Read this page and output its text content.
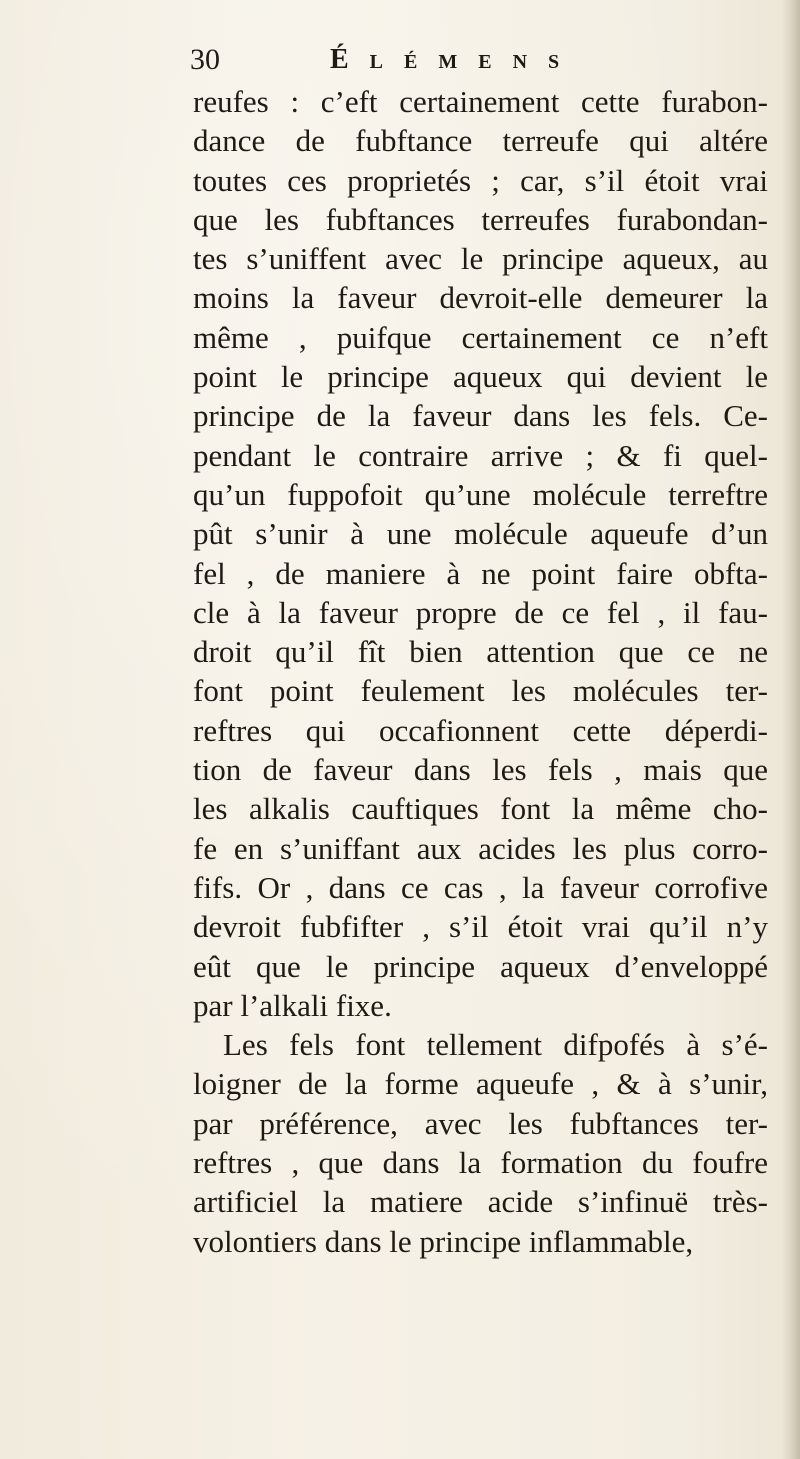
30	Élémens
reufes : c’eft certainement cette furabon-
dance de fubftance terreufe qui altére
toutes ces proprietés ; car, s’il étoit vrai
que les fubftances terreufes furabondan-
tes s’uniffent avec le principe aqueux, au
moins la faveur devroit-elle demeurer la
même , puifque certainement ce n’eft
point le principe aqueux qui devient le
principe de la faveur dans les fels. Ce-
pendant le contraire arrive ; & fi quel-
qu’un fuppofoit qu’une molécule terreftre
pût s’unir à une molécule aqueufe d’un
fel , de maniere à ne point faire obfta-
cle à la faveur propre de ce fel , il fau-
droit qu’il fît bien attention que ce ne
font point feulement les molécules ter-
reftres qui occafionnent cette déperdi-
tion de faveur dans les fels , mais que
les alkalis cauftiques font la même cho-
fe en s’uniffant aux acides les plus corro-
fifs. Or , dans ce cas , la faveur corrofive
devroit fubfifter , s’il étoit vrai qu’il n’y
eût que le principe aqueux d’enveloppé
par l’alkali fixe.
Les fels font tellement difpofés à s’é-
loigner de la forme aqueufe , & à s’unir,
par préférence, avec les fubftances ter-
reftres , que dans la formation du foufre
artificiel la matiere acide s’infinuë très-
volontiers dans le principe inflammable,
